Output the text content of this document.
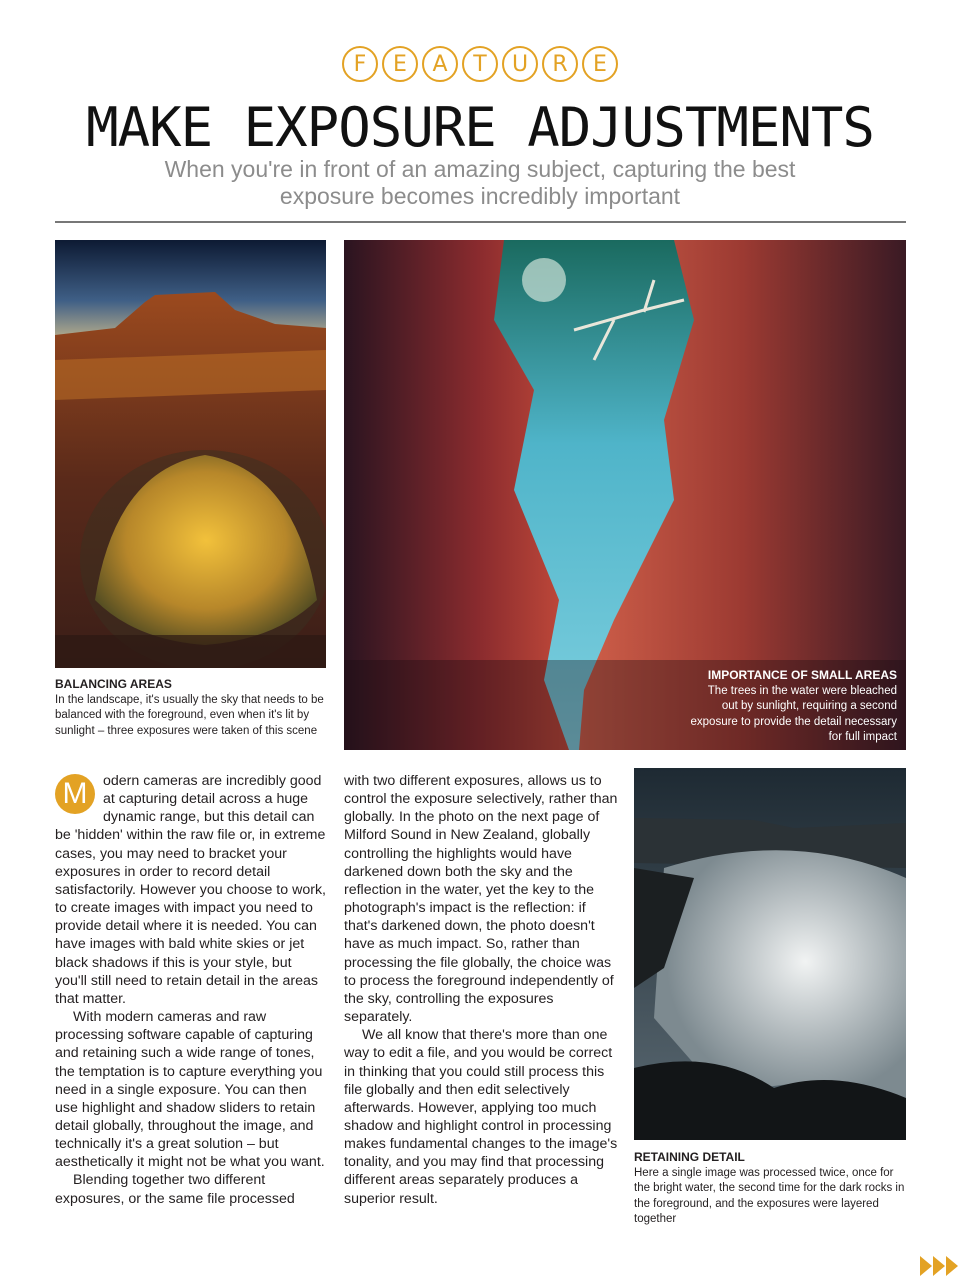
F	E	A	T	U	R	E
MAKE EXPOSURE ADJUSTMENTS
When you're in front of an amazing subject, capturing the best exposure becomes incredibly important
BALANCING AREAS
In the landscape, it's usually the sky that needs to be balanced with the foreground, even when it's lit by sunlight – three exposures were taken of this scene
IMPORTANCE OF SMALL AREAS
The trees in the water were bleached out by sunlight, requiring a second exposure to provide the detail necessary for full impact
RETAINING DETAIL
Here a single image was processed twice, once for the bright water, the second time for the dark rocks in the foreground, and the exposures were layered together

M	odern cameras are incredibly good at capturing detail across a huge dynamic range, but this detail can be 'hidden' within the raw file or, in extreme cases, you may need to bracket your exposures in order to record detail satisfactorily. However you choose to work, to create images with impact you need to provide detail where it is needed. You can have images with bald white skies or jet black shadows if this is your style, but you'll still need to retain detail in the areas that matter.

With modern cameras and raw processing software capable of capturing and retaining such a wide range of tones, the temptation is to capture everything you need in a single exposure. You can then use highlight and shadow sliders to retain detail globally, throughout the image, and technically it's a great solution – but aesthetically it might not be what you want.

Blending together two different exposures, or the same file processed

with two different exposures, allows us to control the exposure selectively, rather than globally. In the photo on the next page of Milford Sound in New Zealand, globally controlling the highlights would have darkened down both the sky and the reflection in the water, yet the key to the photograph's impact is the reflection: if that's darkened down, the photo doesn't have as much impact. So, rather than processing the file globally, the choice was to process the foreground independently of the sky, controlling the exposures separately.

We all know that there's more than one way to edit a file, and you would be correct in thinking that you could still process this file globally and then edit selectively afterwards. However, applying too much shadow and highlight control in processing makes fundamental changes to the image's tonality, and you may find that processing different areas separately produces a superior result.
